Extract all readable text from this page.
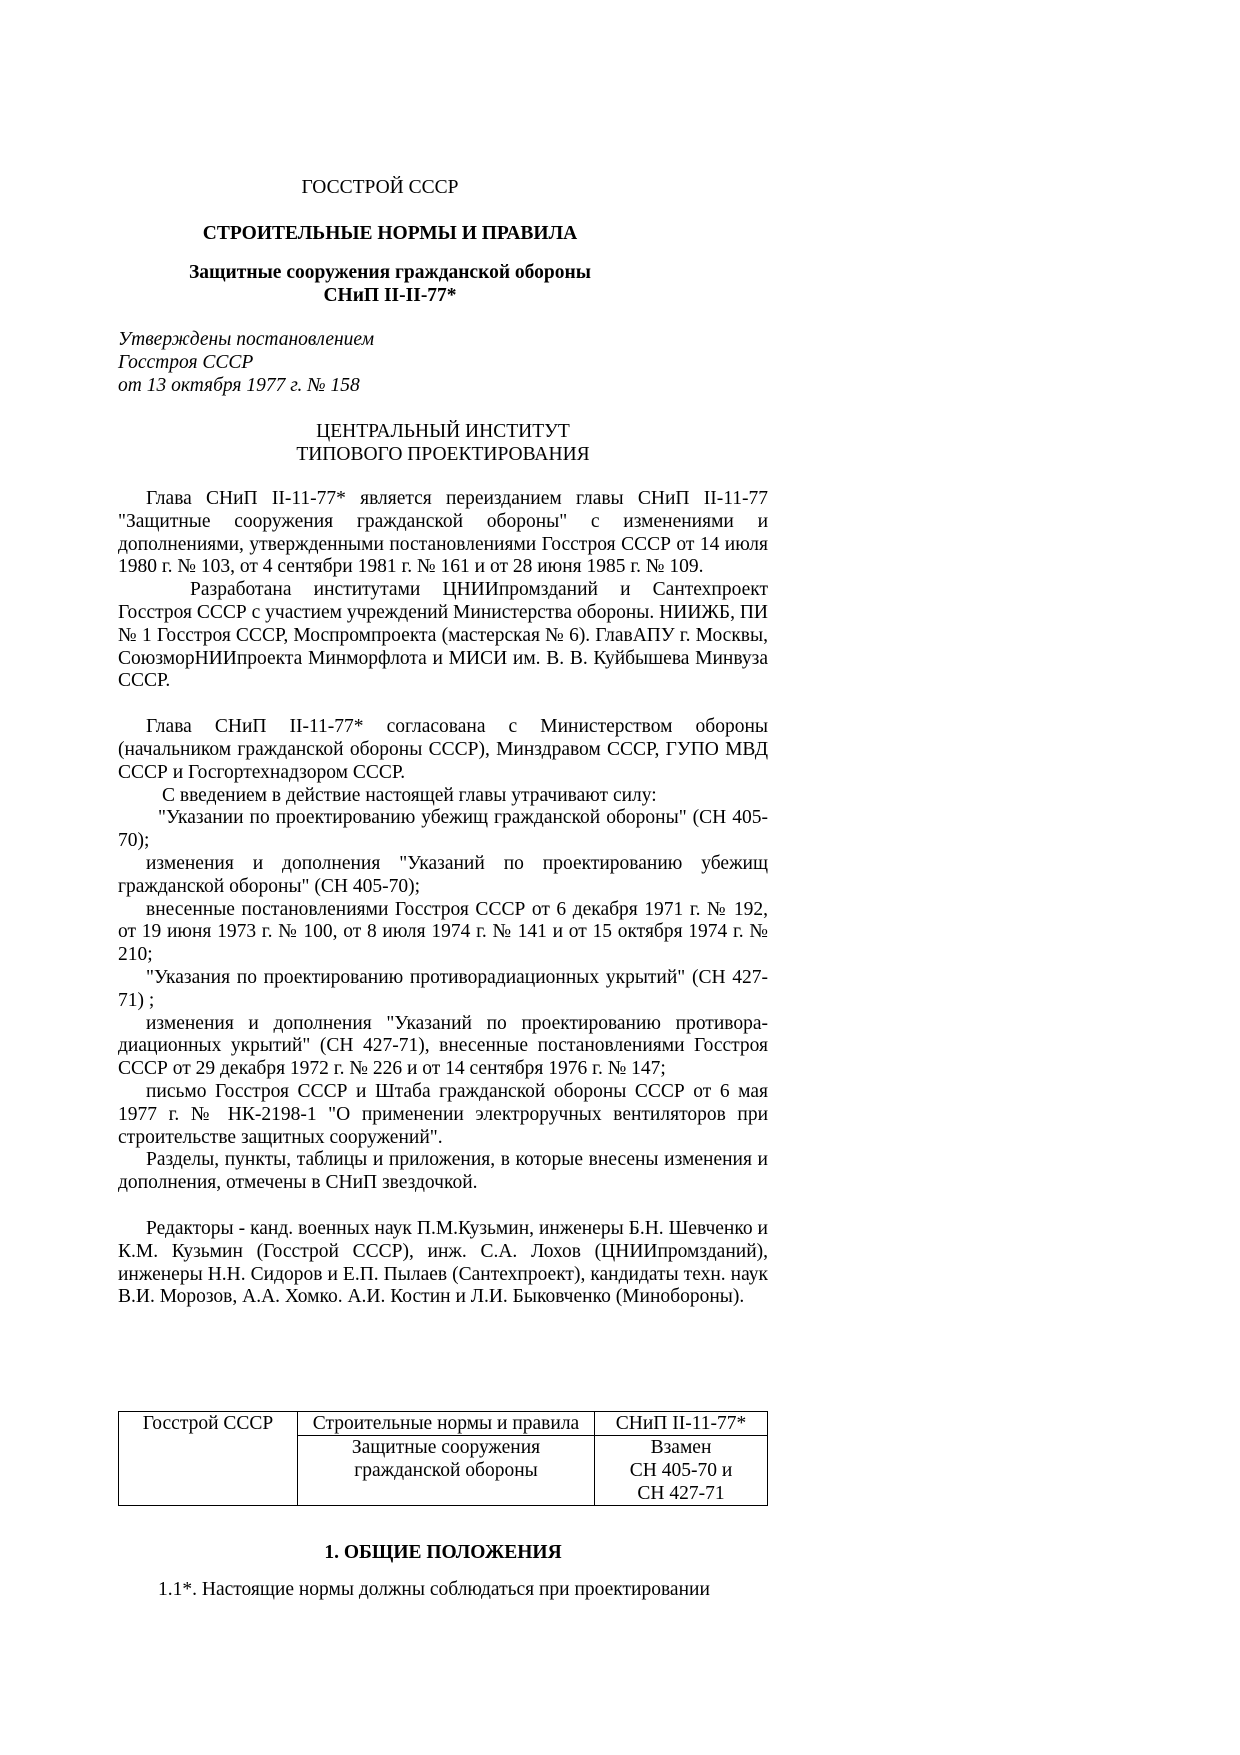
ГОССТРОЙ СССР
СТРОИТЕЛЬНЫЕ НОРМЫ И ПРАВИЛА
Защитные сооружения гражданской обороны
СНиП II-II-77*
Утверждены постановлением
Госстроя СССР
от 13 октября 1977 г. № 158
ЦЕНТРАЛЬНЫЙ ИНСТИТУТ
ТИПОВОГО ПРОЕКТИРОВАНИЯ

Глава СНиП II-11-77* является переизданием главы СНиП II-11-77 "Защитные сооружения гражданской обороны" с изменениями и дополнениями, утвержденными постановлениями Госстроя СССР от 14 июля 1980 г. № 103, от 4 сентябри 1981 г. № 161 и от 28 июня 1985 г. № 109.

Разработана институтами ЦНИИпромзданий и Сантехпроект Госстроя СССР с участием учреждений Министерства обороны. НИИЖБ, ПИ № 1 Госстроя СССР, Моспромпроекта (мастерская № 6). ГлавАПУ г. Москвы, СоюзморНИИпроекта Минморфлота и МИСИ им. В. В. Куйбышева Минвуза СССР.

Глава СНиП II-11-77* согласована с Министерством обороны (начальником гражданской обороны СССР), Минздравом СССР, ГУПО МВД СССР и Госгортехнадзором СССР.

С введением в действие настоящей главы утрачивают силу:

"Указании по проектированию убежищ гражданской обороны" (СН 405-70);

изменения и дополнения "Указаний по проектированию убежищ гражданской обороны" (СН 405-70);

внесенные постановлениями Госстроя СССР от 6 декабря 1971 г. № 192, от 19 июня 1973 г. № 100, от 8 июля 1974 г. № 141 и от 15 октября 1974 г. № 210;

"Указания по проектированию противорадиационных укрытий" (СН 427-71) ;

изменения и дополнения "Указаний по проектированию противора-диационных укрытий" (СН 427-71), внесенные постановлениями Госстроя СССР от 29 декабря 1972 г. № 226 и от 14 сентября 1976 г. № 147;

письмо Госстроя СССР и Штаба гражданской обороны СССР от 6 мая 1977 г. № НК-2198-1 "О применении электроручных вентиляторов при строительстве защитных сооружений".

Разделы, пункты, таблицы и приложения, в которые внесены изменения и дополнения, отмечены в СНиП звездочкой.

Редакторы - канд. военных наук П.М.Кузьмин, инженеры Б.Н. Шевченко и К.М. Кузьмин (Госстрой СССР), инж. С.А. Лохов (ЦНИИпромзданий), инженеры Н.Н. Сидоров и Е.П. Пылаев (Сантехпроект), кандидаты техн. наук В.И. Морозов, А.А. Хомко. А.И. Костин и Л.И. Быковченко (Минобороны).

Госстрой СССР	Строительные нормы и правила	СНиП II-11-77*
	Защитные сооружения гражданской обороны	Взамен
СН 405-70 и
СН 427-71
1. ОБЩИЕ ПОЛОЖЕНИЯ

1.1*. Настоящие нормы должны соблюдаться при проектировании
